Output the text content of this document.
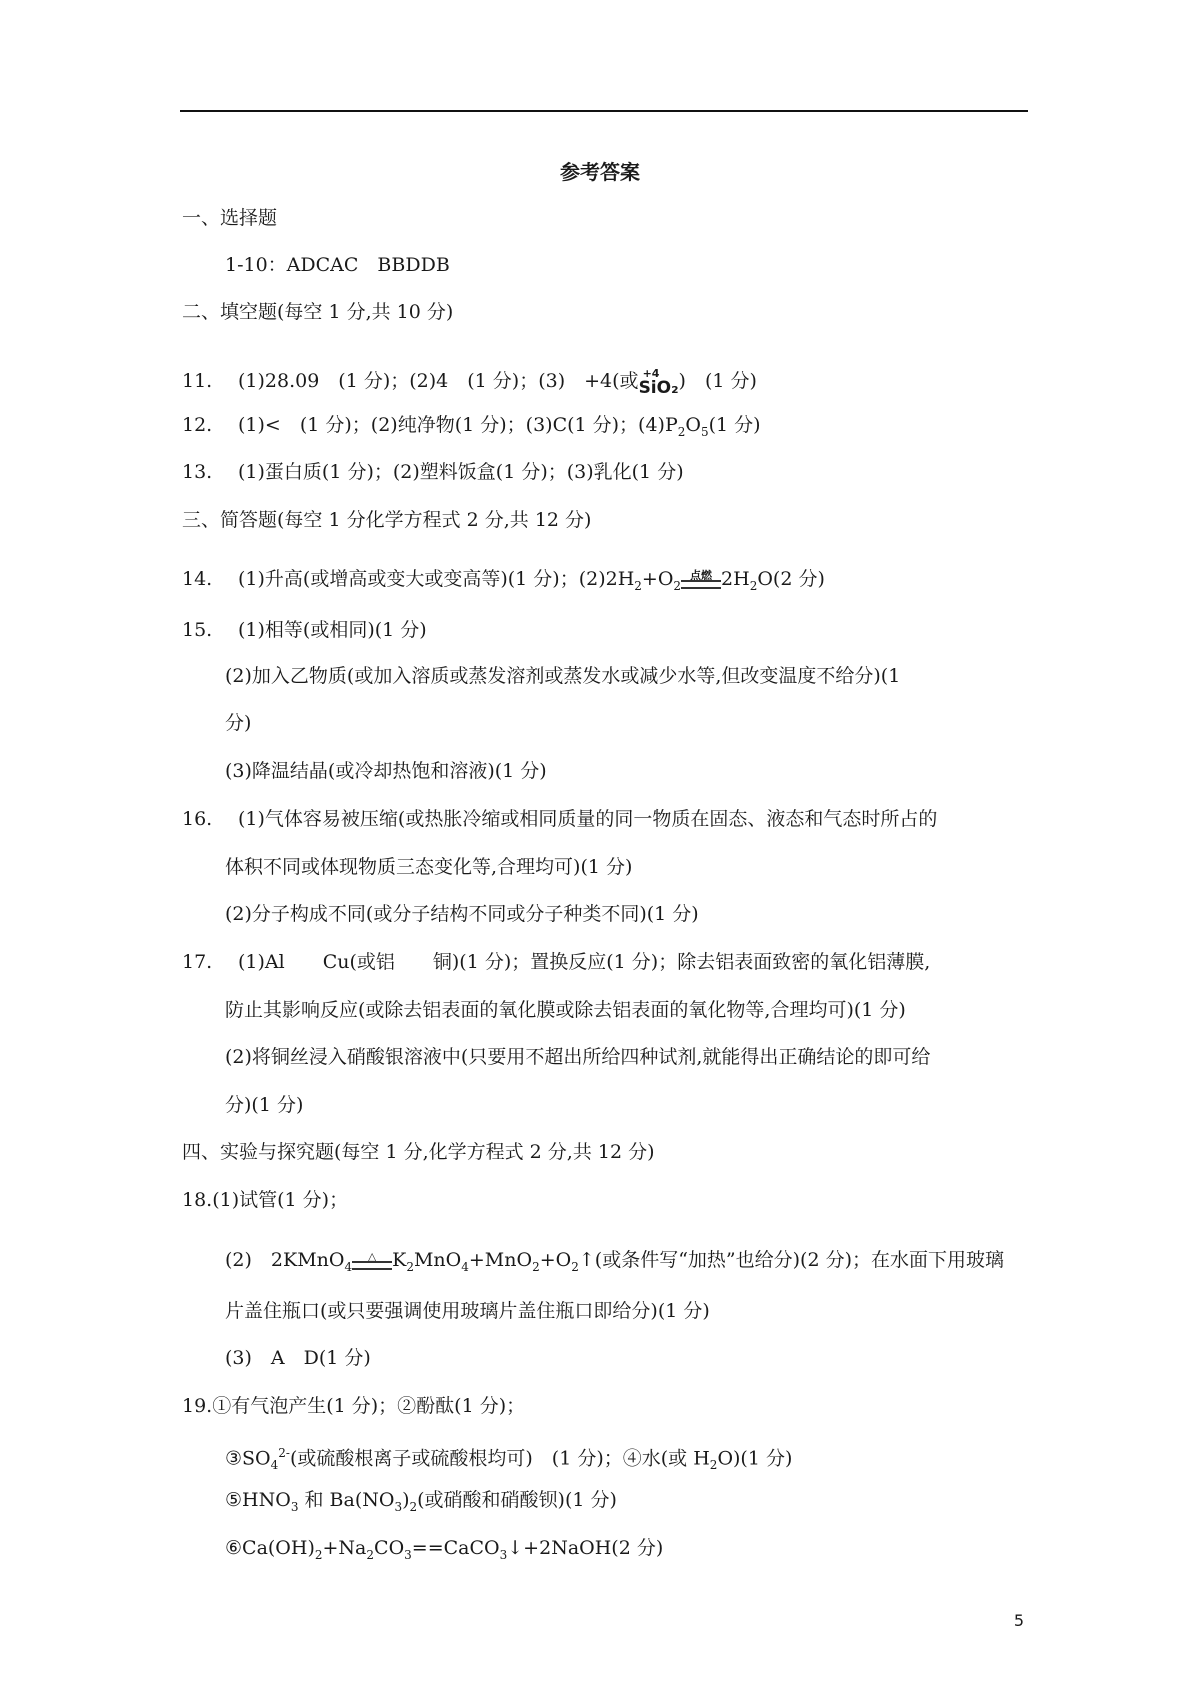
参考答案
一、选择题
1-10：ADCAC　BBDDB
二、填空题(每空 1 分,共 10 分)
11. (1)28.09　(1 分)；(2)4　(1 分)；(3)　+4(或 +4
SiO₂)　(1 分)
12. (1)<　(1 分)；(2)纯净物(1 分)；(3)C(1 分)；$(4)P_2O_5(1$ 分)
13. (1)蛋白质(1 分)；(2)塑料饭盒(1 分)；(3)乳化(1 分)
三、简答题(每空 1 分化学方程式 2 分,共 12 分)
14. (1)升高(或增高或变大或变高等)(1 分)；$(2)2H_2+O_2$
点燃 $2H_2O(2$ 分)
15. (1)相等(或相同)(1 分)
(2)加入乙物质(或加入溶质或蒸发溶剂或蒸发水或减少水等,但改变温度不给分)(1
分)
(3)降温结晶(或冷却热饱和溶液)(1 分)
16. (1)气体容易被压缩(或热胀冷缩或相同质量的同一物质在固态、液态和气态时所占的
体积不同或体现物质三态变化等,合理均可)(1 分)
(2)分子构成不同(或分子结构不同或分子种类不同)(1 分)
17. (1)Al　　Cu(或铝　　铜)(1 分)；置换反应(1 分)；除去铝表面致密的氧化铝薄膜,
防止其影响反应(或除去铝表面的氧化膜或除去铝表面的氧化物等,合理均可)(1 分)
(2)将铜丝浸入硝酸银溶液中(只要用不超出所给四种试剂,就能得出正确结论的即可给
分)(1 分)
四、实验与探究题(每空 1 分,化学方程式 2 分,共 12 分)
18.(1)试管(1 分)；
(2)　2KMnO$_4$
△ $K_2MnO_4+MnO_2+O_2↑$(或条件写“加热”也给分)(2 分)；在水面下用玻璃
片盖住瓶口(或只要强调使用玻璃片盖住瓶口即给分)(1 分)
(3)　A　D(1 分)
19.①有气泡产生(1 分)；②酚酞(1 分)；
$③SO_4^{2-}$(或硫酸根离子或硫酸根均可)　(1 分)；④水(或 $H_2O)(1$ 分)
$⑤HNO_3$ 和 $Ba(NO_3)_2$(或硝酸和硝酸钡)(1 分)
$⑥Ca(OH)_2+Na_2CO_3==CaCO_3↓+2NaOH(2$ 分)
5
